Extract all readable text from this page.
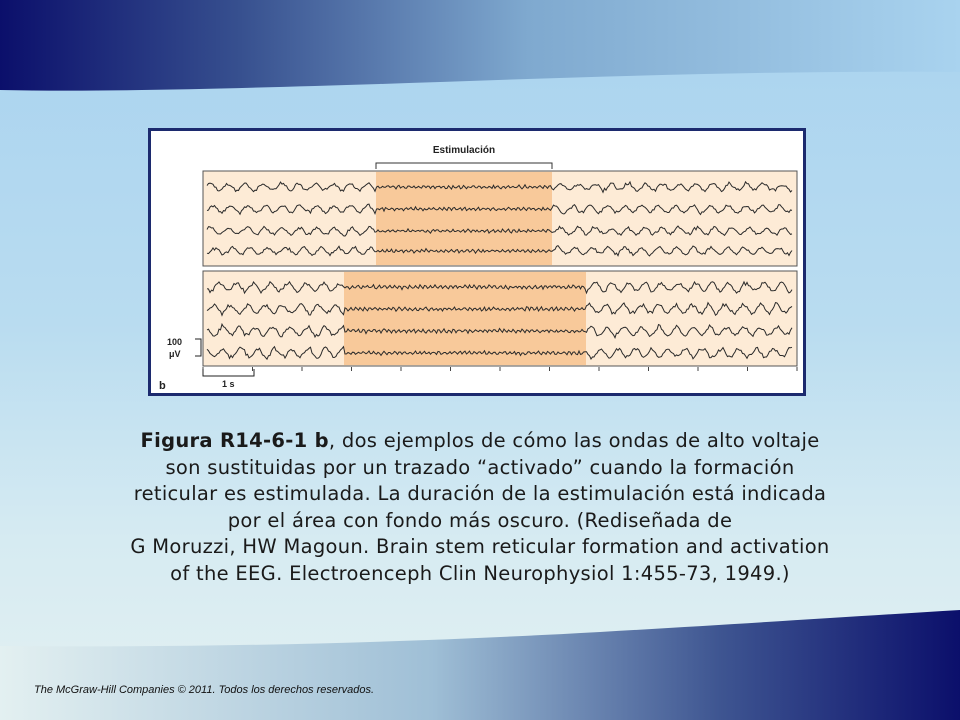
Estimulación
100
μV
1 s
b
Figura R14-6-1 b, dos ejemplos de cómo las ondas de alto voltaje
son sustituidas por un trazado “activado” cuando la formación
reticular es estimulada. La duración de la estimulación está indicada
por el área con fondo más oscuro. (Rediseñada de
G Moruzzi, HW Magoun. Brain stem reticular formation and activation
of the EEG. Electroenceph Clin Neurophysiol 1:455-73, 1949.)
The McGraw-Hill Companies © 2011. Todos los derechos reservados.
